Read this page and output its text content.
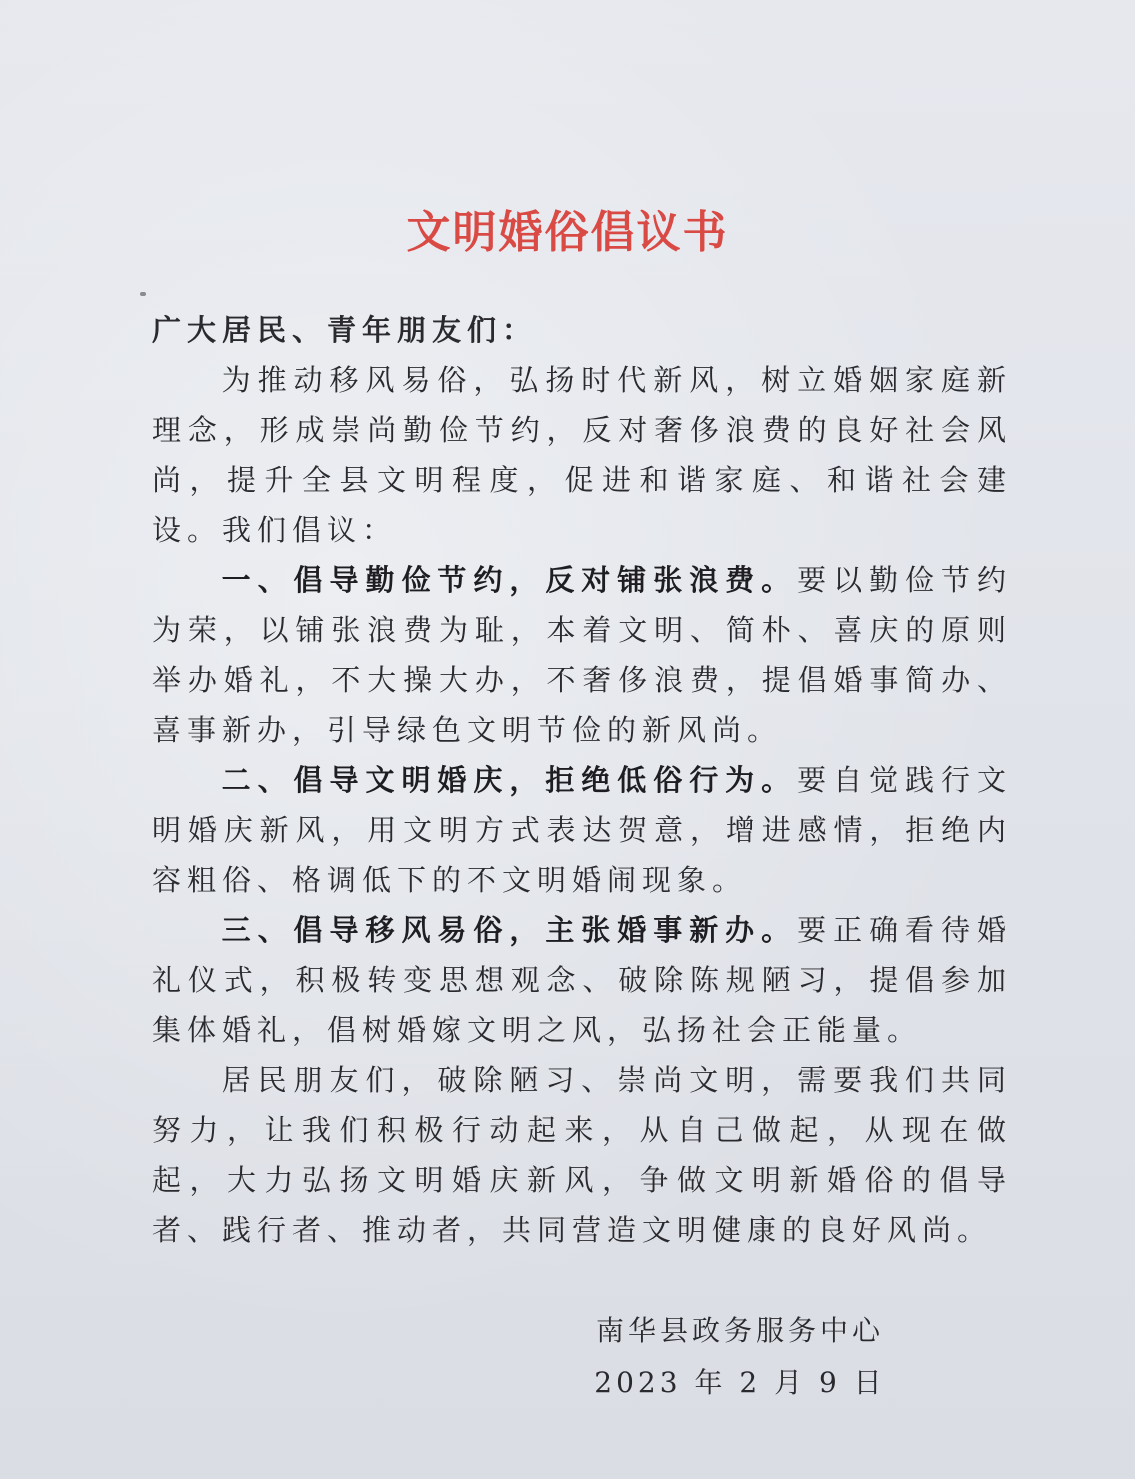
文明婚俗倡议书

广大居民、青年朋友们：

为推动移风易俗，弘扬时代新风，树立婚姻家庭新理念，形成崇尚勤俭节约，反对奢侈浪费的良好社会风尚，提升全县文明程度，促进和谐家庭、和谐社会建设。我们倡议：

一、倡导勤俭节约，反对铺张浪费。要以勤俭节约为荣，以铺张浪费为耻，本着文明、简朴、喜庆的原则举办婚礼，不大操大办，不奢侈浪费，提倡婚事简办、喜事新办，引导绿色文明节俭的新风尚。

二、倡导文明婚庆，拒绝低俗行为。要自觉践行文明婚庆新风，用文明方式表达贺意，增进感情，拒绝内容粗俗、格调低下的不文明婚闹现象。

三、倡导移风易俗，主张婚事新办。要正确看待婚礼仪式，积极转变思想观念、破除陈规陋习，提倡参加集体婚礼，倡树婚嫁文明之风，弘扬社会正能量。

居民朋友们，破除陋习、崇尚文明，需要我们共同努力，让我们积极行动起来，从自己做起，从现在做起，大力弘扬文明婚庆新风，争做文明新婚俗的倡导者、践行者、推动者，共同营造文明健康的良好风尚。

南华县政务服务中心
2023 年 2 月 9 日
